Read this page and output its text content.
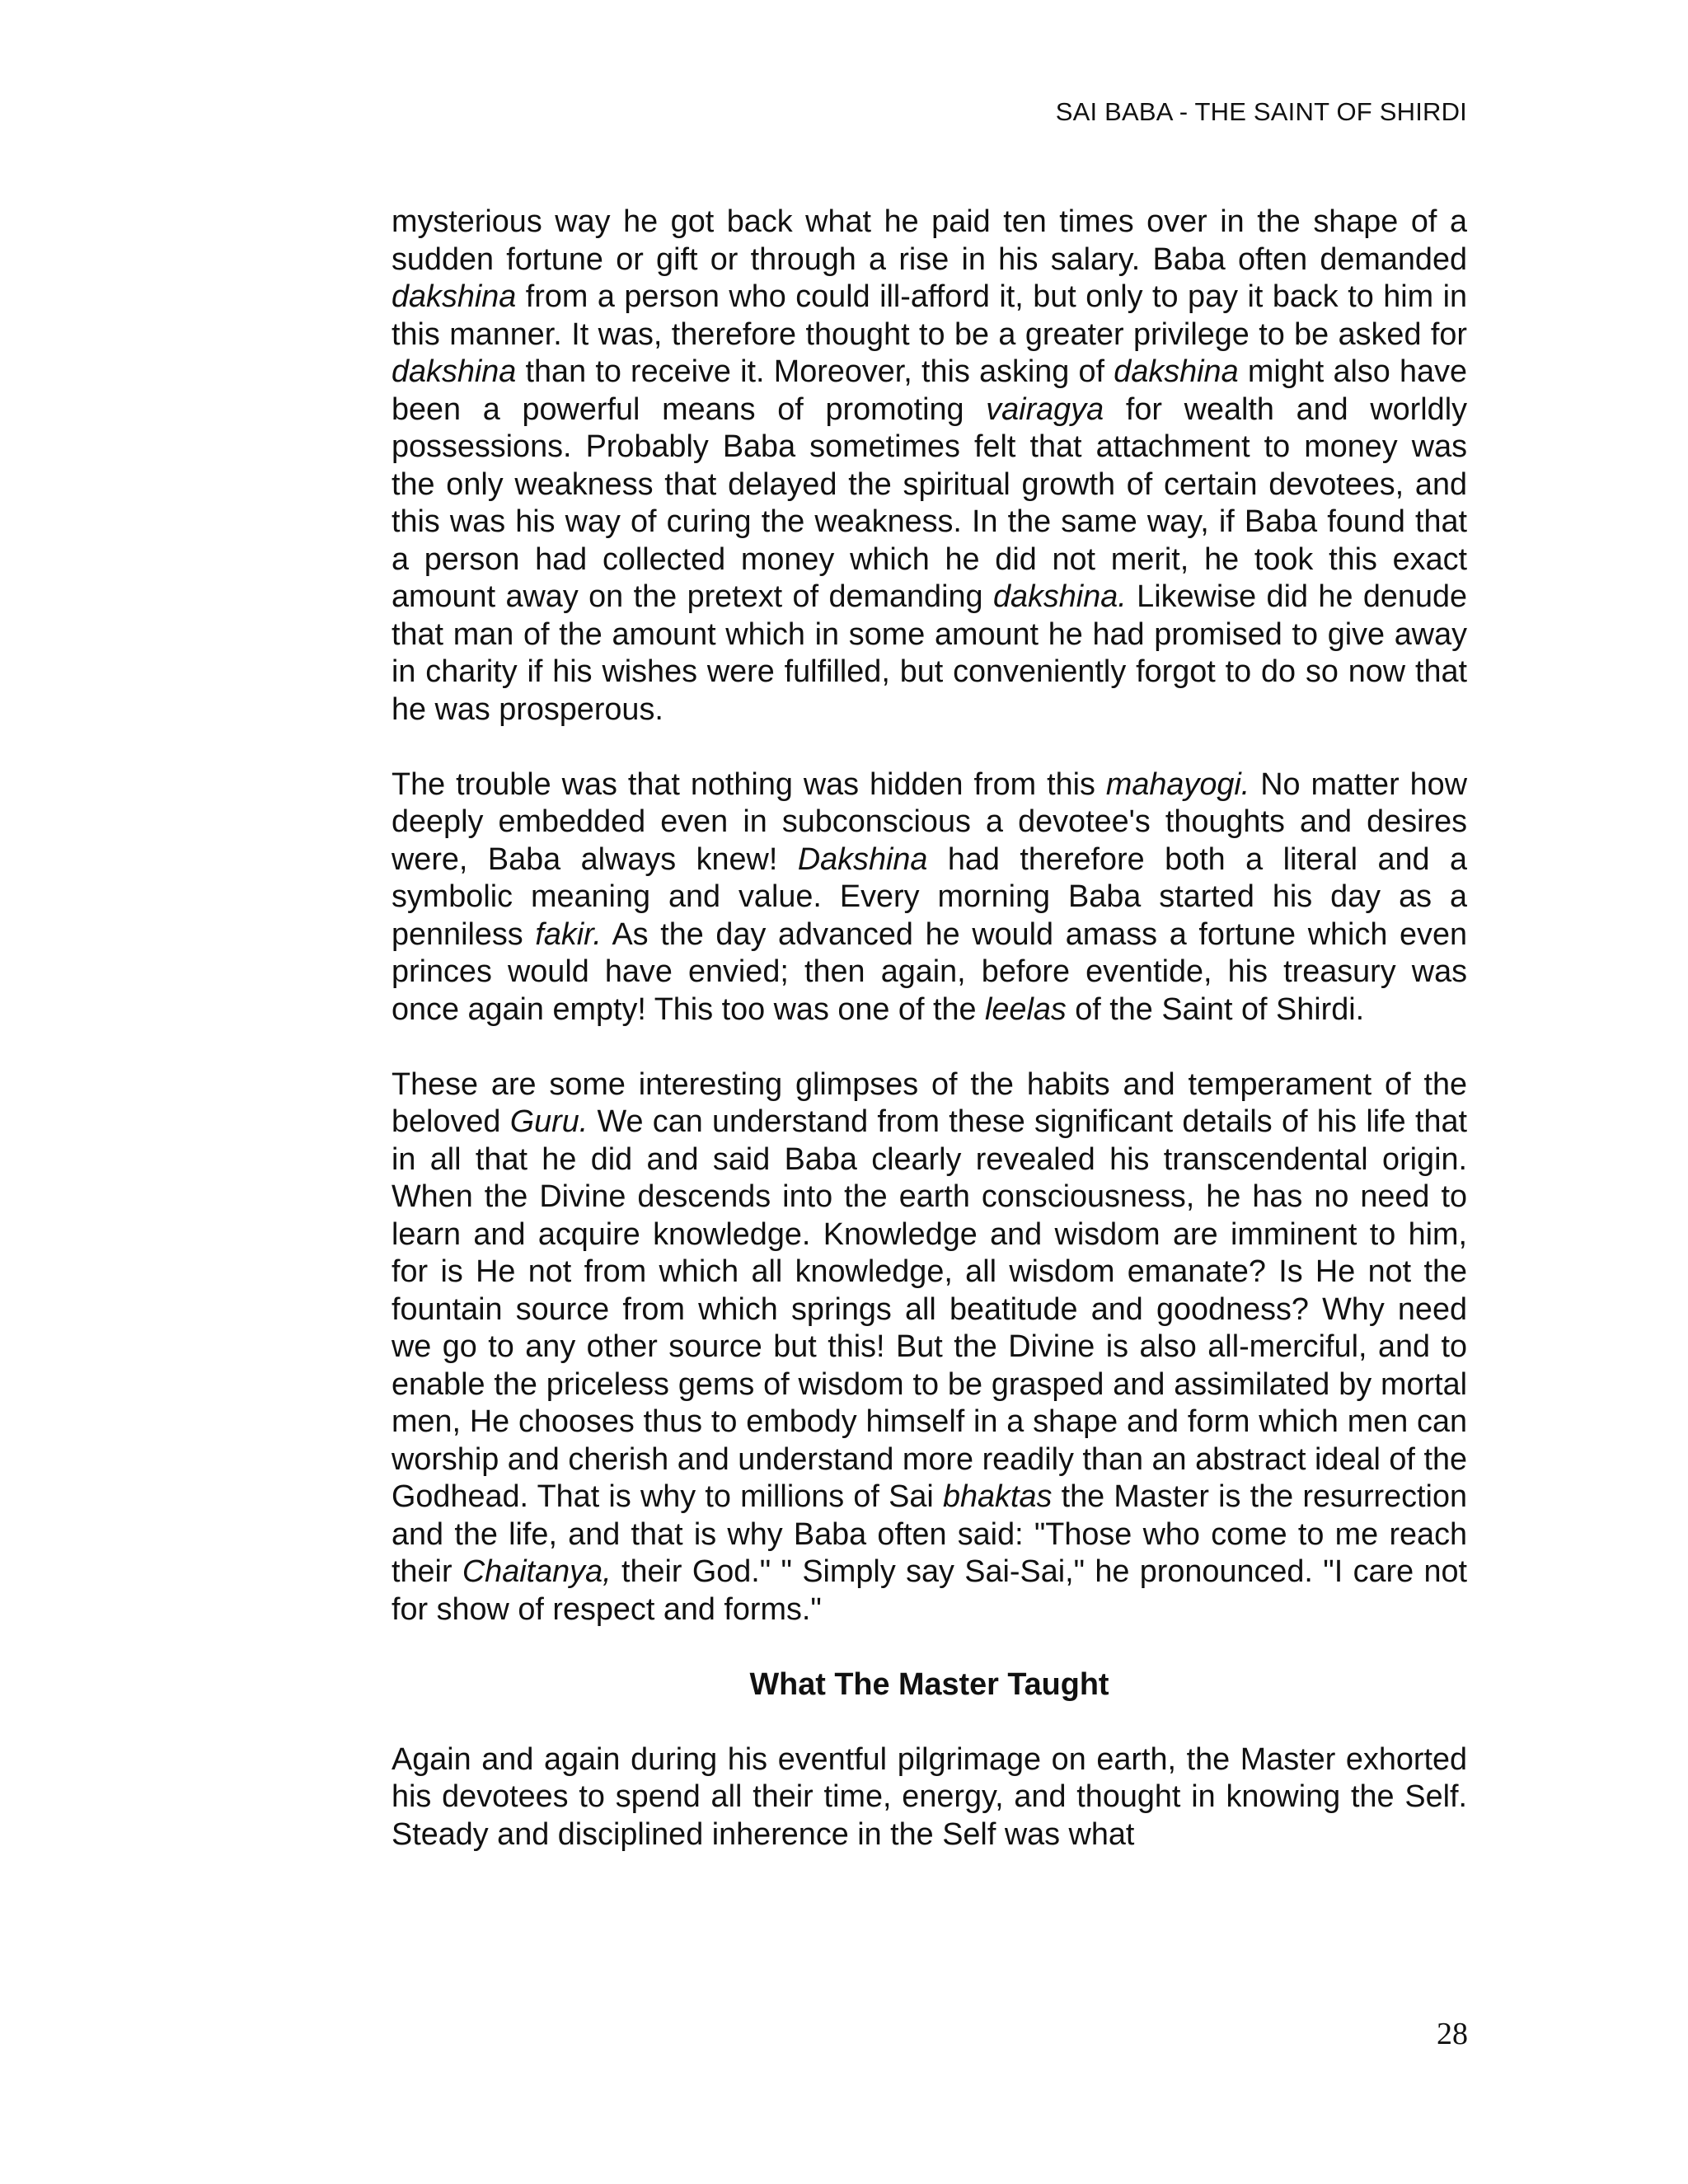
SAI BABA - THE SAINT OF SHIRDI

mysterious way he got back what he paid ten times over in the shape of a sudden fortune or gift or through a rise in his salary. Baba often demanded dakshina from a person who could ill-afford it, but only to pay it back to him in this manner. It was, therefore thought to be a greater privilege to be asked for dakshina than to receive it. Moreover, this asking of dakshina might also have been a powerful means of promoting vairagya for wealth and worldly possessions. Probably Baba sometimes felt that attachment to money was the only weakness that delayed the spiritual growth of certain devotees, and this was his way of curing the weakness. In the same way, if Baba found that a person had collected money which he did not merit, he took this exact amount away on the pretext of demanding dakshina. Likewise did he denude that man of the amount which in some amount he had promised to give away in charity if his wishes were fulfilled, but conveniently forgot to do so now that he was prosperous.

The trouble was that nothing was hidden from this mahayogi. No matter how deeply embedded even in subconscious a devotee's thoughts and desires were, Baba always knew! Dakshina had therefore both a literal and a symbolic meaning and value. Every morning Baba started his day as a penniless fakir. As the day advanced he would amass a fortune which even princes would have envied; then again, before eventide, his treasury was once again empty! This too was one of the leelas of the Saint of Shirdi.

These are some interesting glimpses of the habits and temperament of the beloved Guru. We can understand from these significant details of his life that in all that he did and said Baba clearly revealed his transcendental origin. When the Divine descends into the earth consciousness, he has no need to learn and acquire knowledge. Knowledge and wisdom are imminent to him, for is He not from which all knowledge, all wisdom emanate? Is He not the fountain source from which springs all beatitude and goodness? Why need we go to any other source but this! But the Divine is also all-merciful, and to enable the priceless gems of wisdom to be grasped and assimilated by mortal men, He chooses thus to embody himself in a shape and form which men can worship and cherish and understand more readily than an abstract ideal of the Godhead. That is why to millions of Sai bhaktas the Master is the resurrection and the life, and that is why Baba often said: "Those who come to me reach their Chaitanya, their God." " Simply say Sai-Sai," he pronounced. "I care not for show of respect and forms."

What The Master Taught

Again and again during his eventful pilgrimage on earth, the Master exhorted his devotees to spend all their time, energy, and thought in knowing the Self. Steady and disciplined inherence in the Self was what

28
